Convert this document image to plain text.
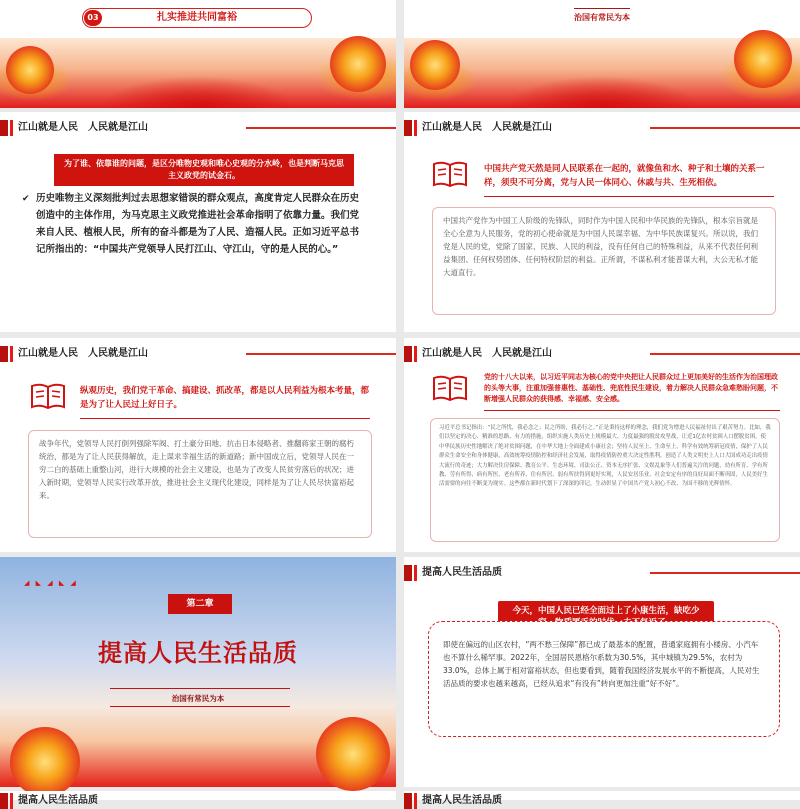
扎实推进共同富裕
03	治国有常民为本
江山就是人民　人民就是江山
为了谁、依靠谁的问题，是区分唯物史观和唯心史观的分水岭，也是判断马克思主义政党的试金石。
✔ 历史唯物主义深刻批判过去思想家错误的群众观点，高度肯定人民群众在历史创造中的主体作用，为马克思主义政党推进社会革命指明了依靠力量。我们党来自人民、植根人民，所有的奋斗都是为了人民、造福人民。正如习近平总书记所指出的：“中国共产党领导人民打江山、守江山，守的是人民的心。”
江山就是人民　人民就是江山
中国共产党天然是同人民联系在一起的，就像鱼和水、种子和土壤的关系一样，须臾不可分离，党与人民一体同心、休戚与共、生死相依。
中国共产党作为中国工人阶级的先锋队，同时作为中国人民和中华民族的先锋队，根本宗旨就是全心全意为人民服务，党的初心使命就是为中国人民谋幸福、为中华民族谋复兴。所以说，我们党是人民的党，党除了国家、民族、人民的利益，没有任何自己的特殊利益，从来不代表任何利益集团、任何权势团体、任何特权阶层的利益。正所谓，不谋私利才能普谋大利，大公无私才能大道直行。
江山就是人民　人民就是江山
纵观历史，我们党干革命、搞建设、抓改革，都是以人民利益为根本考量，都是为了让人民过上好日子。
战争年代，党领导人民打倒列强除军阀、打土豪分田地、抗击日本侵略者、推翻蒋家王朝的腐朽统治，都是为了让人民获得解放，走上谋求幸福生活的新道路；新中国成立后，党领导人民在一穷二白的基础上重整山河，进行大规模的社会主义建设，也是为了改变人民贫穷落后的状况；进入新时期，党领导人民实行改革开放，推进社会主义现代化建设，同样是为了让人民尽快富裕起来。
江山就是人民　人民就是江山
党的十八大以来，以习近平同志为核心的党中央把让人民群众过上更加美好的生活作为治国理政的头等大事，注重加强普惠性、基础性、兜底性民生建设，着力解决人民群众急难愁盼问题，不断增强人民群众的获得感、幸福感、安全感。
习近平总书记指出：“民之所忧，我必念之；民之所盼，我必行之。”正是秉持这样的理念，我们党为增进人民福祉付出了艰苦努力。比如，我们以坚定的决心、精准的思路、有力的措施，组织实施人类历史上规模最大、力度最强的脱贫攻坚战，让近1亿农村贫困人口摆脱贫困，使中华民族历史性地解决了绝对贫困问题，在中华大地上全面建成小康社会；坚持人民至上、生命至上，科学有效统筹新冠疫情，保护了人民群众生命安全和身体健康，高效统筹疫情防控和经济社会发展，取得疫情防控重大决定性胜利，创造了人类文明史上人口大国成功走出疫情大流行的奇迹；大力解决住房保障、教育公平、生态环境、司法公正、资本无序扩张、文娱乱象等人们普遍关注的问题，幼有所育、学有所教、劳有所得、病有所医、老有所养、住有所居、弱有所扶得到更好实现，人民安居乐业、社会安定有序的良好局面不断巩固，人民美好生活需要的向往不断变为现实。这些都在新时代划下了深深的印记，生动彰显了中国共产党人初心不改、为国不移的光辉情怀。
◢ ◣ ◢ ◣ ◢
第二章
提高人民生活品质
治国有常民为本
提高人民生活品质
今天，中国人民已经全面过上了小康生活，缺吃少
即使在偏远的山区农村，“两不愁三保障”都已成了最基本的配置，普通家庭拥有小楼房、小汽车也不算什么稀罕事。2022年，全国居民恩格尔系数为30.5%，其中城镇为29.5%，农村为33.0%，总体上属于相对富裕状态，但也要看到，随着我国经济发展水平的不断提高，人民对生活品质的要求也越来越高，已经从追求“有没有”转向更加注重“好不好”。
提高人民生活品质	提高人民生活品质
